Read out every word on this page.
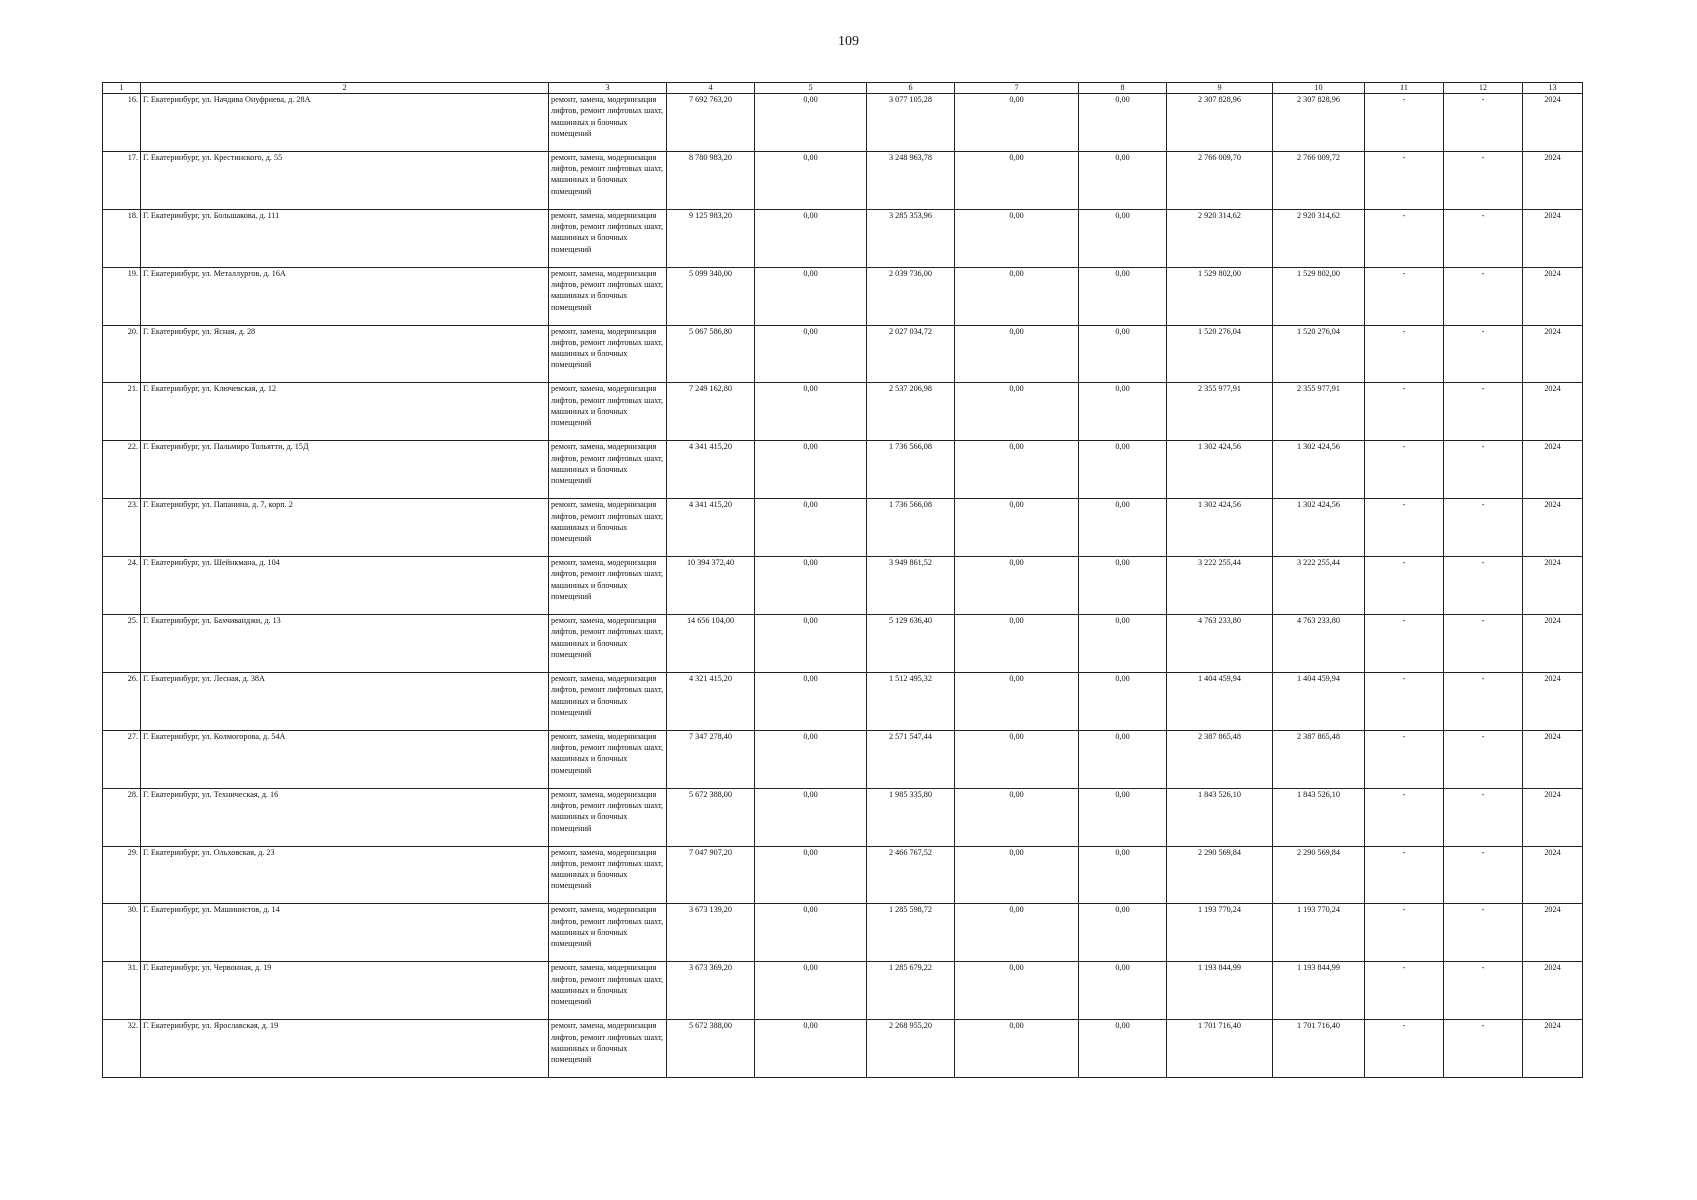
109
1	2	3	4	5	6	7	8	9	10	11	12	13
16.	Г. Екатеринбург, ул. Начдива Онуфриева, д. 28А	ремонт, замена, модернизация лифтов, ремонт лифтовых шахт, машинных и блочных помещений	7 692 763,20	0,00	3 077 105,28	0,00	0,00	2 307 828,96	2 307 828,96	-	-	2024
17.	Г. Екатеринбург, ул. Крестинского, д. 55	ремонт, замена, модернизация лифтов, ремонт лифтовых шахт, машинных и блочных помещений	8 780 983,20	0,00	3 248 963,78	0,00	0,00	2 766 009,70	2 766 009,72	-	-	2024
18.	Г. Екатеринбург, ул. Большакова, д. 111	ремонт, замена, модернизация лифтов, ремонт лифтовых шахт, машинных и блочных помещений	9 125 983,20	0,00	3 285 353,96	0,00	0,00	2 920 314,62	2 920 314,62	-	-	2024
19.	Г. Екатеринбург, ул. Металлургов, д. 16А	ремонт, замена, модернизация лифтов, ремонт лифтовых шахт, машинных и блочных помещений	5 099 340,00	0,00	2 039 736,00	0,00	0,00	1 529 802,00	1 529 802,00	-	-	2024
20.	Г. Екатеринбург, ул. Ясная, д. 28	ремонт, замена, модернизация лифтов, ремонт лифтовых шахт, машинных и блочных помещений	5 067 586,80	0,00	2 027 034,72	0,00	0,00	1 520 276,04	1 520 276,04	-	-	2024
21.	Г. Екатеринбург, ул. Ключевская, д. 12	ремонт, замена, модернизация лифтов, ремонт лифтовых шахт, машинных и блочных помещений	7 249 162,80	0,00	2 537 206,98	0,00	0,00	2 355 977,91	2 355 977,91	-	-	2024
22.	Г. Екатеринбург, ул. Пальмиро Тольятти, д. 15Д	ремонт, замена, модернизация лифтов, ремонт лифтовых шахт, машинных и блочных помещений	4 341 415,20	0,00	1 736 566,08	0,00	0,00	1 302 424,56	1 302 424,56	-	-	2024
23.	Г. Екатеринбург, ул. Папанина, д. 7, корп. 2	ремонт, замена, модернизация лифтов, ремонт лифтовых шахт, машинных и блочных помещений	4 341 415,20	0,00	1 736 566,08	0,00	0,00	1 302 424,56	1 302 424,56	-	-	2024
24.	Г. Екатеринбург, ул. Шейнкмана, д. 104	ремонт, замена, модернизация лифтов, ремонт лифтовых шахт, машинных и блочных помещений	10 394 372,40	0,00	3 949 861,52	0,00	0,00	3 222 255,44	3 222 255,44	-	-	2024
25.	Г. Екатеринбург, ул. Бахчиванджи, д. 13	ремонт, замена, модернизация лифтов, ремонт лифтовых шахт, машинных и блочных помещений	14 656 104,00	0,00	5 129 636,40	0,00	0,00	4 763 233,80	4 763 233,80	-	-	2024
26.	Г. Екатеринбург, ул. Лесная, д. 38А	ремонт, замена, модернизация лифтов, ремонт лифтовых шахт, машинных и блочных помещений	4 321 415,20	0,00	1 512 495,32	0,00	0,00	1 404 459,94	1 404 459,94	-	-	2024
27.	Г. Екатеринбург, ул. Колмогорова, д. 54А	ремонт, замена, модернизация лифтов, ремонт лифтовых шахт, машинных и блочных помещений	7 347 278,40	0,00	2 571 547,44	0,00	0,00	2 387 865,48	2 387 865,48	-	-	2024
28.	Г. Екатеринбург, ул. Техническая, д. 16	ремонт, замена, модернизация лифтов, ремонт лифтовых шахт, машинных и блочных помещений	5 672 388,00	0,00	1 985 335,80	0,00	0,00	1 843 526,10	1 843 526,10	-	-	2024
29.	Г. Екатеринбург, ул. Ольховская, д. 23	ремонт, замена, модернизация лифтов, ремонт лифтовых шахт, машинных и блочных помещений	7 047 907,20	0,00	2 466 767,52	0,00	0,00	2 290 569,84	2 290 569,84	-	-	2024
30.	Г. Екатеринбург, ул. Машинистов, д. 14	ремонт, замена, модернизация лифтов, ремонт лифтовых шахт, машинных и блочных помещений	3 673 139,20	0,00	1 285 598,72	0,00	0,00	1 193 770,24	1 193 770,24	-	-	2024
31.	Г. Екатеринбург, ул. Червонная, д. 19	ремонт, замена, модернизация лифтов, ремонт лифтовых шахт, машинных и блочных помещений	3 673 369,20	0,00	1 285 679,22	0,00	0,00	1 193 844,99	1 193 844,99	-	-	2024
32.	Г. Екатеринбург, ул. Ярославская, д. 19	ремонт, замена, модернизация лифтов, ремонт лифтовых шахт, машинных и блочных помещений	5 672 388,00	0,00	2 268 955,20	0,00	0,00	1 701 716,40	1 701 716,40	-	-	2024
